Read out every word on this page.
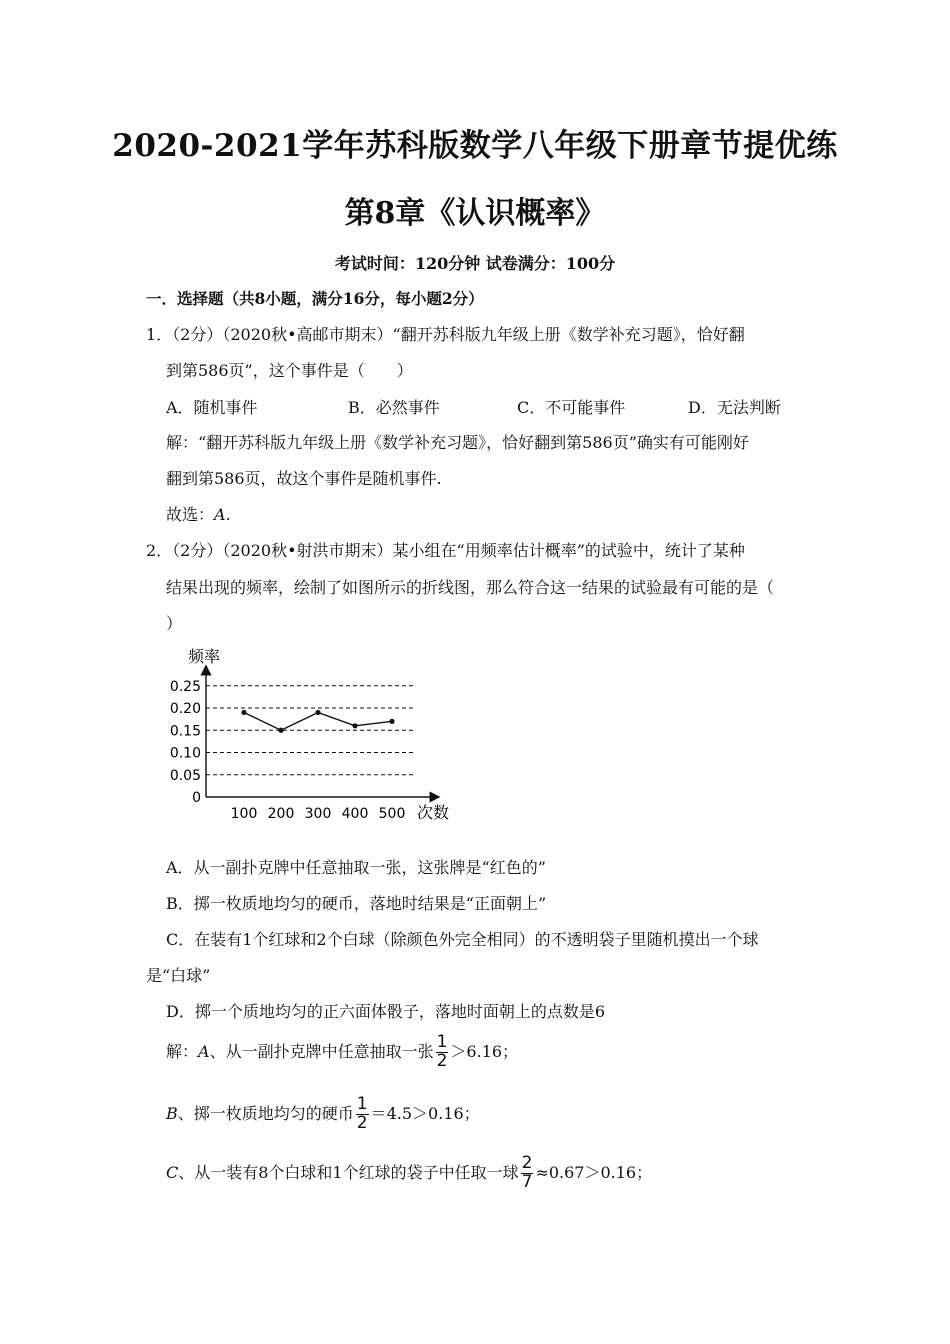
2020-2021学年苏科版数学八年级下册章节提优练
第8章《认识概率》
考试时间：120分钟 试卷满分：100分
一．选择题（共8小题，满分16分，每小题2分）
1．（2分）（2020秋•高邮市期末）“翻开苏科版九年级上册《数学补充习题》，恰好翻
到第586页”，这个事件是（　　）
A．随机事件	B．必然事件	C．不可能事件	D．无法判断
解：“翻开苏科版九年级上册《数学补充习题》，恰好翻到第586页”确实有可能刚好
翻到第586页，故这个事件是随机事件.
故选：A.
2．（2分）（2020秋•射洪市期末）某小组在“用频率估计概率”的试验中，统计了某种
结果出现的频率，绘制了如图所示的折线图，那么符合这一结果的试验最有可能的是（
）
频率
次数
0
0.05
0.10
0.15
0.20
0.25
100 200 300 400 500
A．从一副扑克牌中任意抽取一张，这张牌是“红色的”
B．掷一枚质地均匀的硬币，落地时结果是“正面朝上”
C．在装有1个红球和2个白球（除颜色外完全相同）的不透明袋子里随机摸出一个球
是“白球”
D．掷一个质地均匀的正六面体骰子，落地时面朝上的点数是6
解：A、从一副扑克牌中任意抽取一张 $\frac{1}{2} >6.16$；
B、掷一枚质地均匀的硬币 $\frac{1}{2} =4.5>0.16$；
C、从一装有8个白球和1个红球的袋子中任取一球 $\frac{2}{7} \approx 0.67>0.16$；
